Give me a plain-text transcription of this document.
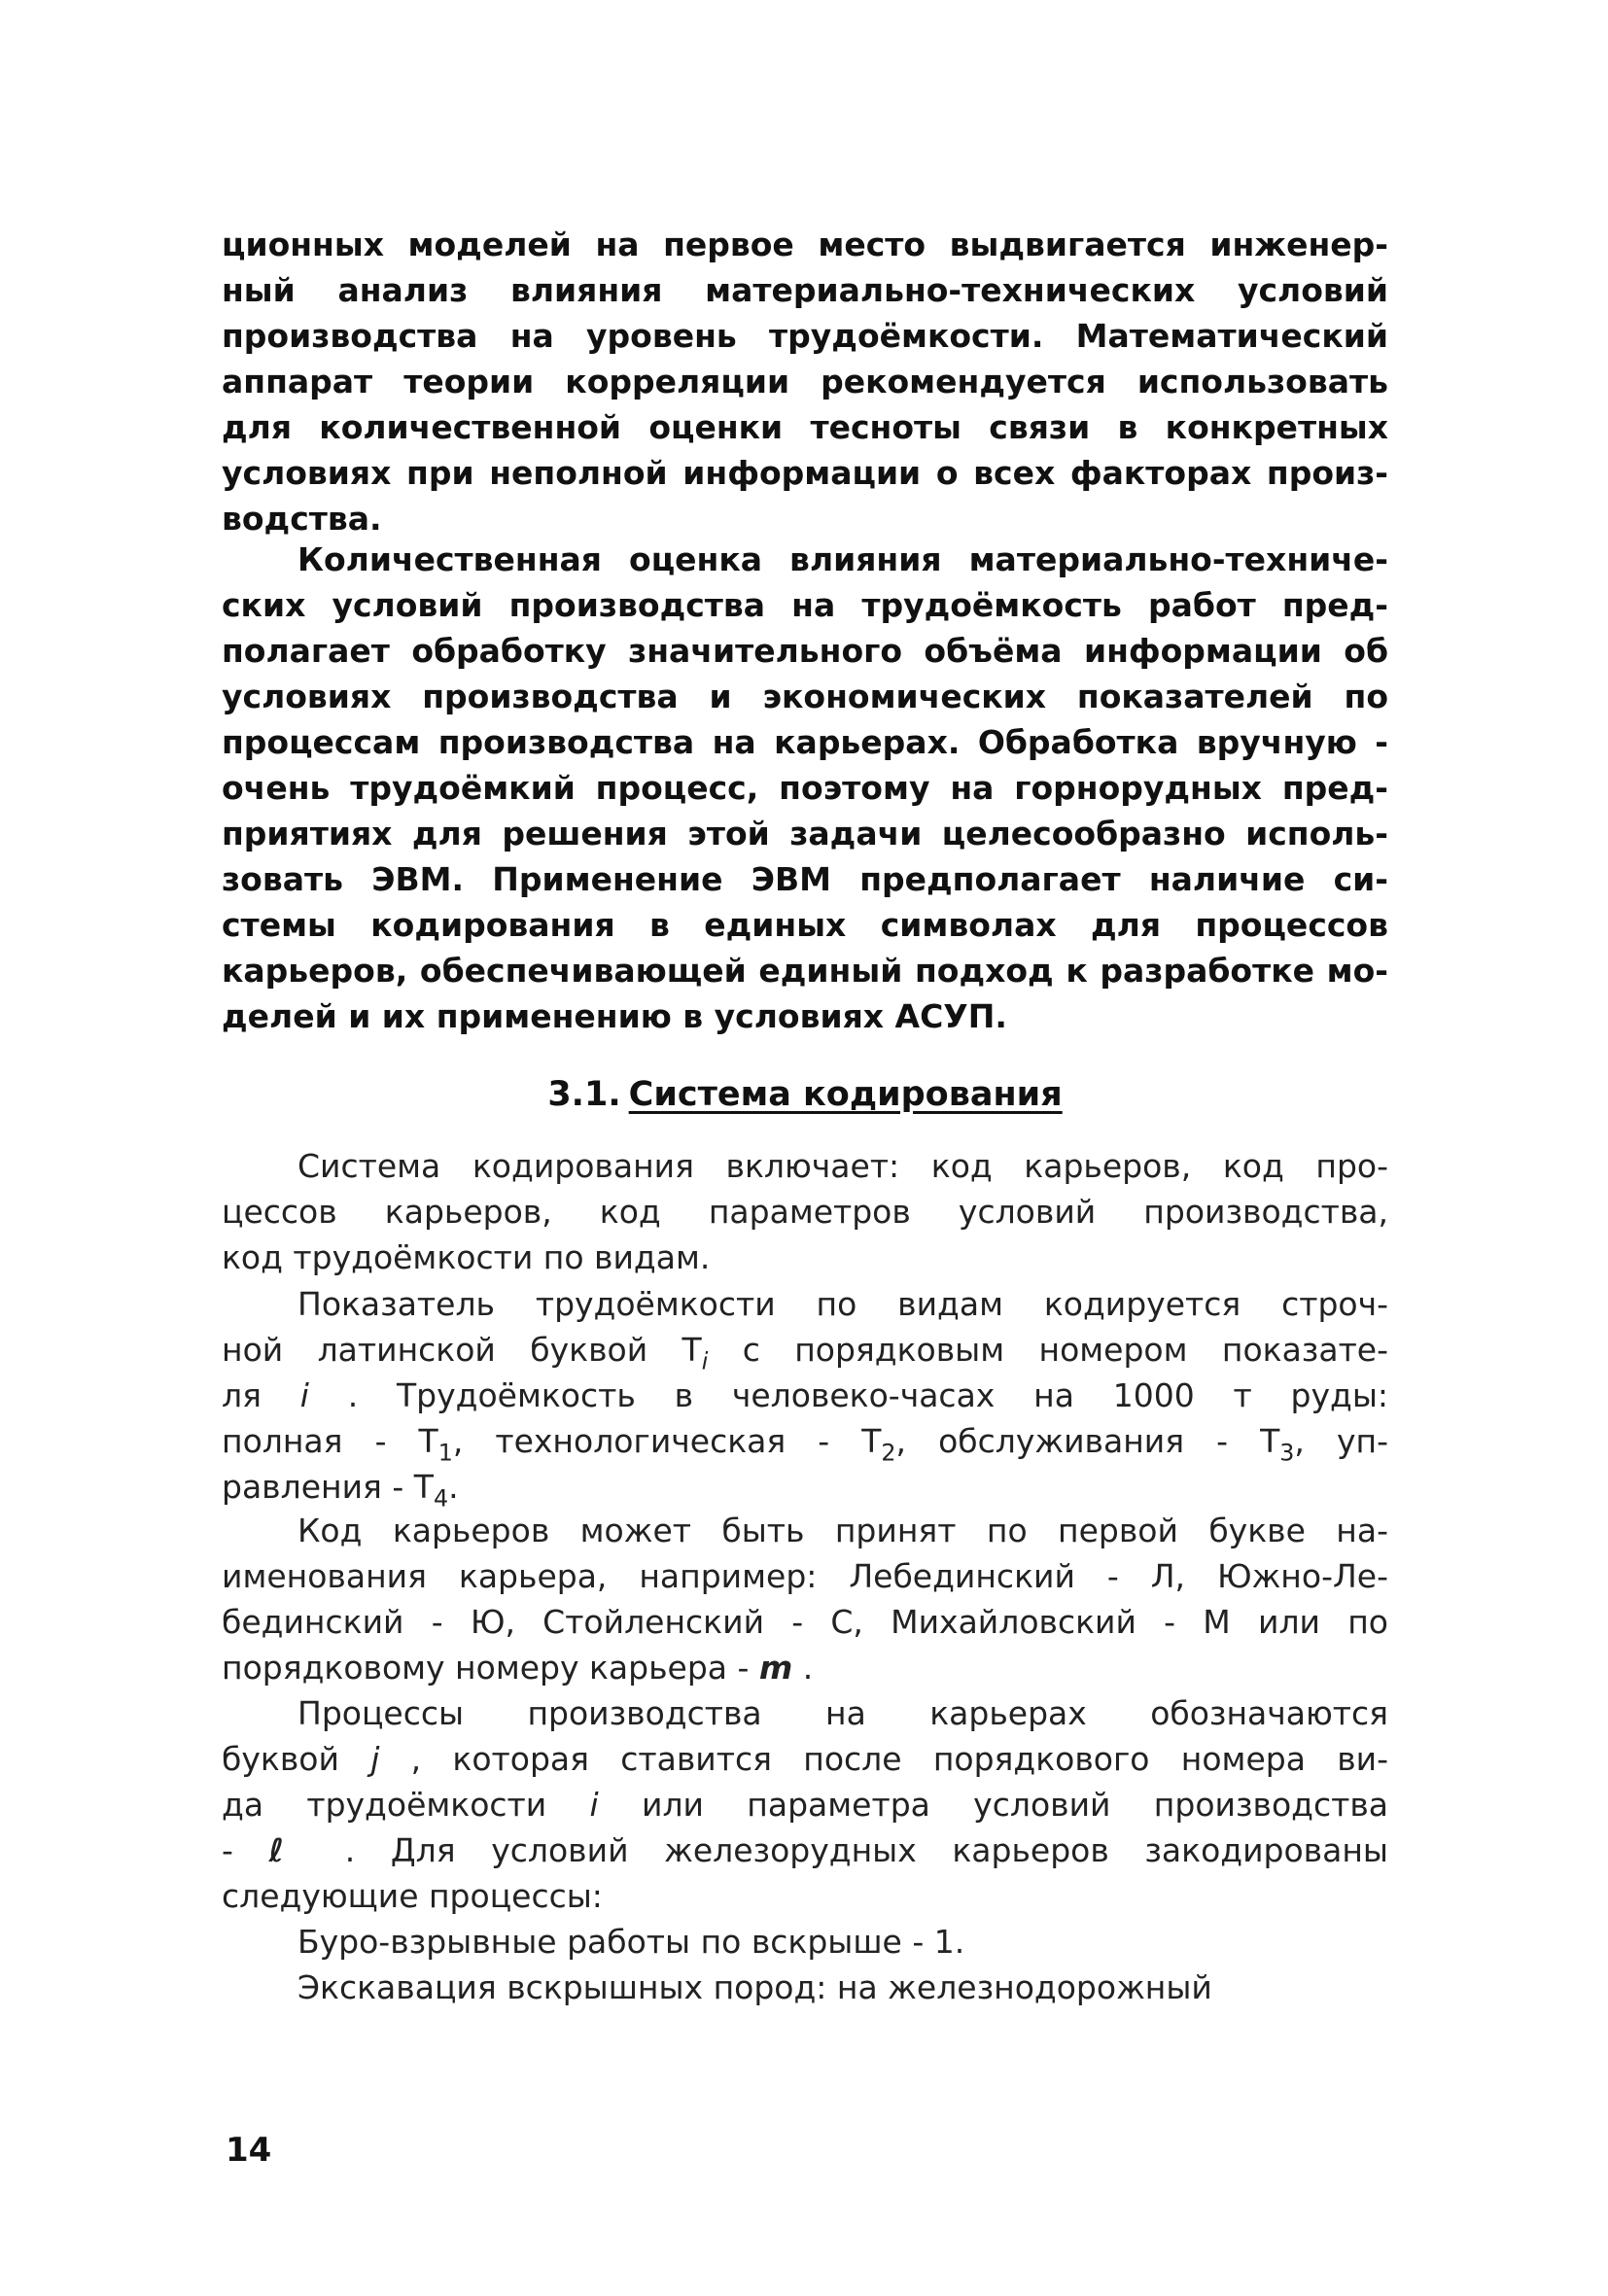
ционных моделей на первое место выдвигается инженер-
ный анализ влияния материально-технических условий
производства на уровень трудоёмкости. Математический
аппарат теории корреляции рекомендуется использовать
для количественной оценки тесноты связи в конкретных
условиях при неполной информации о всех факторах произ-
водства.
Количественная оценка влияния материально-техниче-
ских условий производства на трудоёмкость работ пред-
полагает обработку значительного объёма информации об
условиях производства и экономических показателей по
процессам производства на карьерах. Обработка вручную -
очень трудоёмкий процесс, поэтому на горнорудных пред-
приятиях для решения этой задачи целесообразно исполь-
зовать ЭВМ. Применение ЭВМ предполагает наличие си-
стемы кодирования в единых символах для процессов
карьеров, обеспечивающей единый подход к разработке мо-
делей и их применению в условиях АСУП.
3.1. Система кодирования
Система кодирования включает: код карьеров, код про-
цессов карьеров, код параметров условий производства,
код трудоёмкости по видам.
Показатель трудоёмкости по видам кодируется строч-
ной латинской буквой $Т_i$ с порядковым номером показате-
ля i . Трудоёмкость в человеко-часах на 1000 т руды:
полная - $Т_1$, технологическая - $Т_2$, обслуживания - $Т_3$, уп-
равления - $Т_4$.
Код карьеров может быть принят по первой букве на-
именования карьера, например: Лебединский - Л, Южно-Ле-
бединский - Ю, Стойленский - С, Михайловский - М или по
порядковому номеру карьера - m .
Процессы производства на карьерах обозначаются
буквой j , которая ставится после порядкового номера ви-
да трудоёмкости i или параметра условий производства
- ℓ . Для условий железорудных карьеров закодированы
следующие процессы:
Буро-взрывные работы по вскрыше - 1.
Экскавация вскрышных пород: на железнодорожный
14
